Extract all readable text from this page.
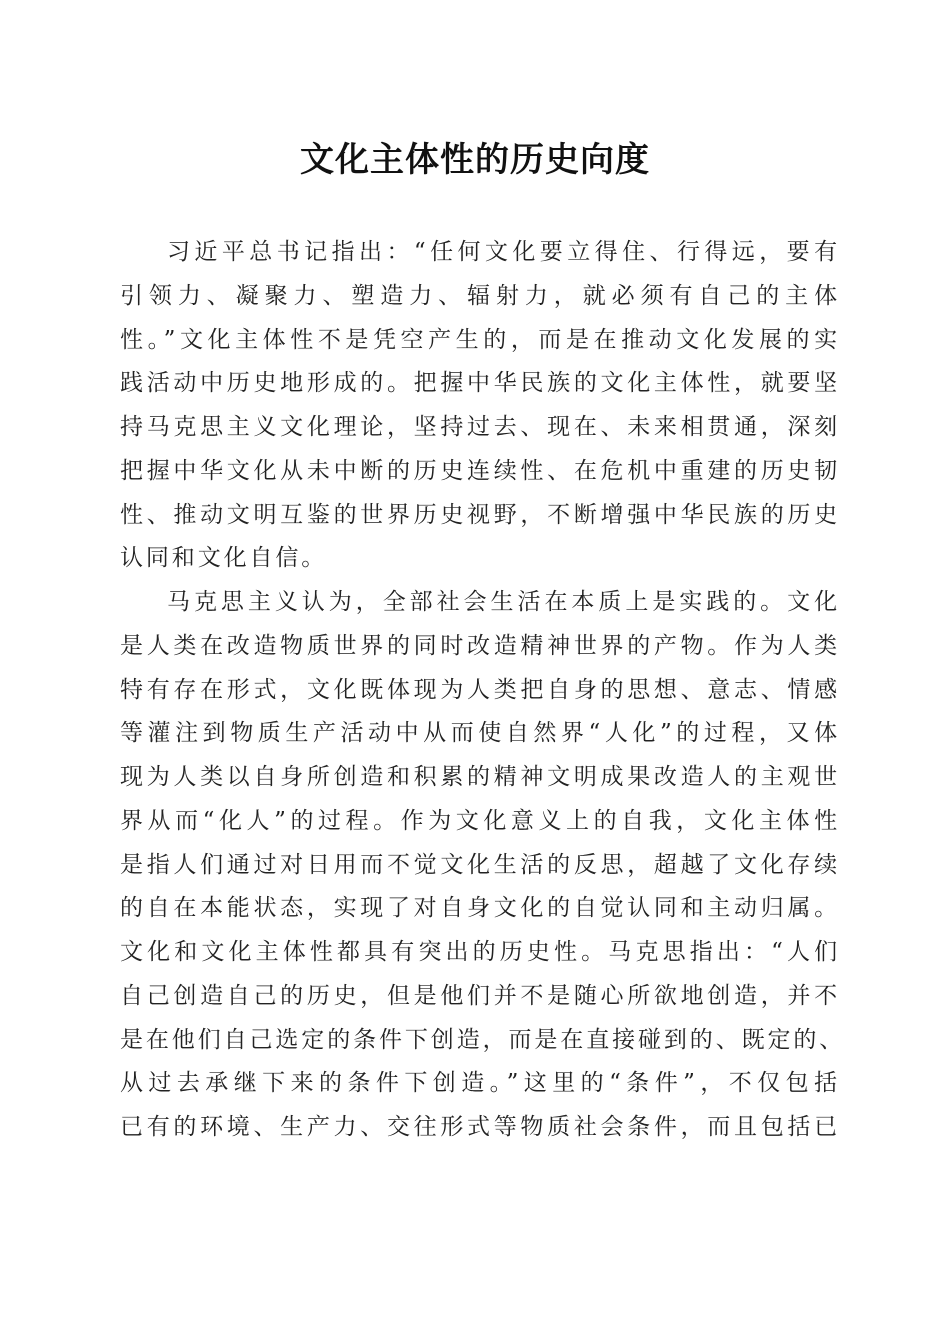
文化主体性的历史向度
习近平总书记指出：“任何文化要立得住、行得远，要有
引领力、凝聚力、塑造力、辐射力，就必须有自己的主体
性。”文化主体性不是凭空产生的，而是在推动文化发展的实
践活动中历史地形成的。把握中华民族的文化主体性，就要坚
持马克思主义文化理论，坚持过去、现在、未来相贯通，深刻
把握中华文化从未中断的历史连续性、在危机中重建的历史韧
性、推动文明互鉴的世界历史视野，不断增强中华民族的历史
认同和文化自信。
马克思主义认为，全部社会生活在本质上是实践的。文化
是人类在改造物质世界的同时改造精神世界的产物。作为人类
特有存在形式，文化既体现为人类把自身的思想、意志、情感
等灌注到物质生产活动中从而使自然界“人化”的过程，又体
现为人类以自身所创造和积累的精神文明成果改造人的主观世
界从而“化人”的过程。作为文化意义上的自我，文化主体性
是指人们通过对日用而不觉文化生活的反思，超越了文化存续
的自在本能状态，实现了对自身文化的自觉认同和主动归属。
文化和文化主体性都具有突出的历史性。马克思指出：“人们
自己创造自己的历史，但是他们并不是随心所欲地创造，并不
是在他们自己选定的条件下创造，而是在直接碰到的、既定的、
从过去承继下来的条件下创造。”这里的“条件”，不仅包括
已有的环境、生产力、交往形式等物质社会条件，而且包括已
